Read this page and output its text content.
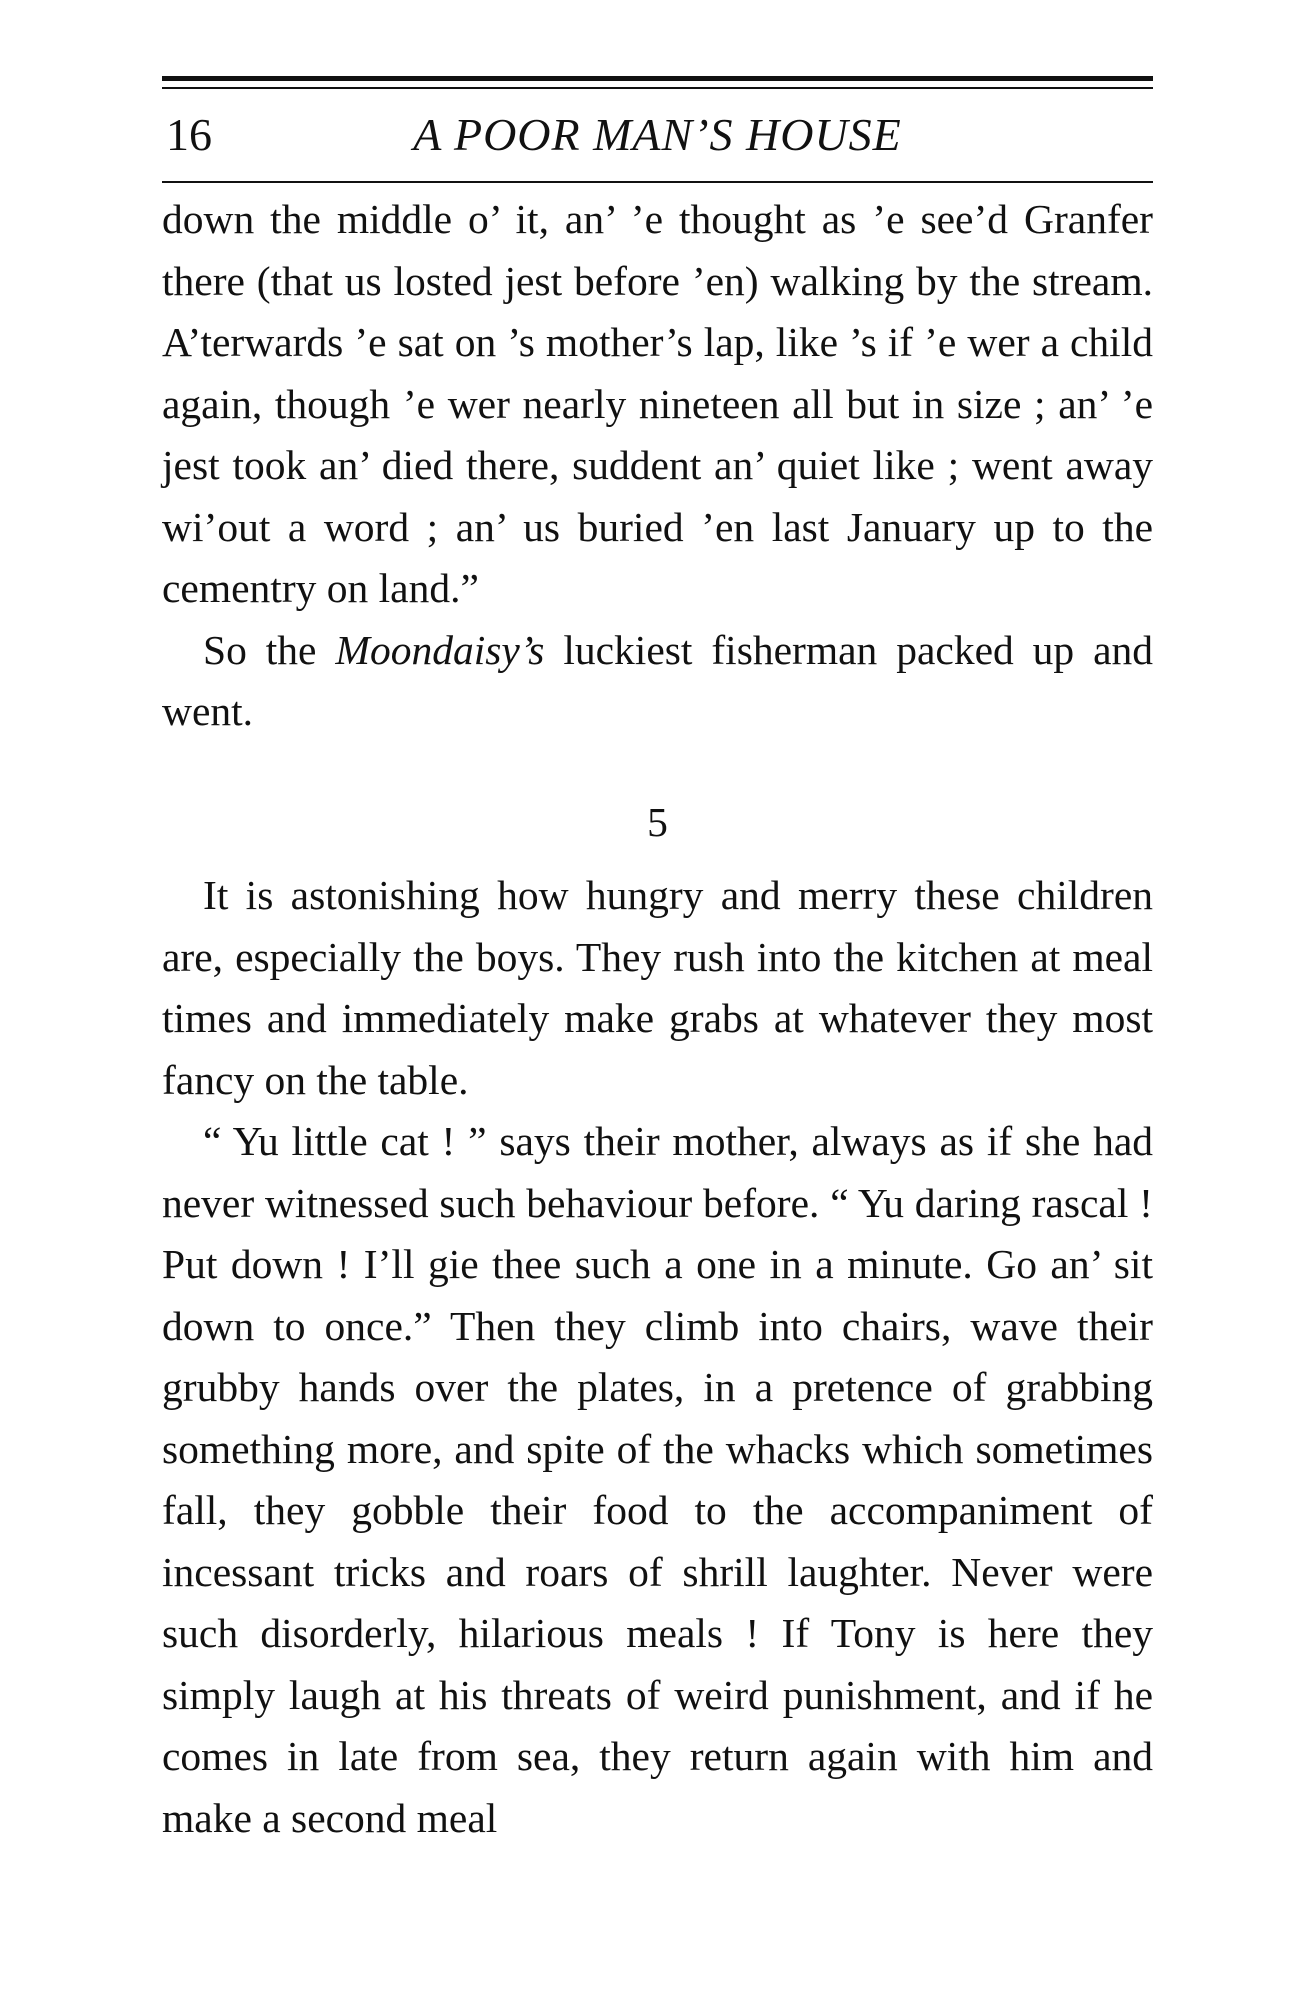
16	A POOR MAN’S HOUSE

down the middle o’ it, an’ ’e thought as ’e see’d Granfer there (that us losted jest before ’en) walking by the stream. A’terwards ’e sat on ’s mother’s lap, like ’s if ’e wer a child again, though ’e wer nearly nineteen all but in size ; an’ ’e jest took an’ died there, suddent an’ quiet like ; went away wi’out a word ; an’ us buried ’en last January up to the cementry on land.”

So the Moondaisy’s luckiest fisherman packed up and went.

5

It is astonishing how hungry and merry these children are, especially the boys. They rush into the kitchen at meal times and immediately make grabs at whatever they most fancy on the table.

“ Yu little cat ! ” says their mother, always as if she had never witnessed such behaviour before. “ Yu daring rascal ! Put down ! I’ll gie thee such a one in a minute. Go an’ sit down to once.” Then they climb into chairs, wave their grubby hands over the plates, in a pretence of grabbing something more, and spite of the whacks which sometimes fall, they gobble their food to the accompaniment of incessant tricks and roars of shrill laughter. Never were such disorderly, hilarious meals ! If Tony is here they simply laugh at his threats of weird punishment, and if he comes in late from sea, they return again with him and make a second meal
